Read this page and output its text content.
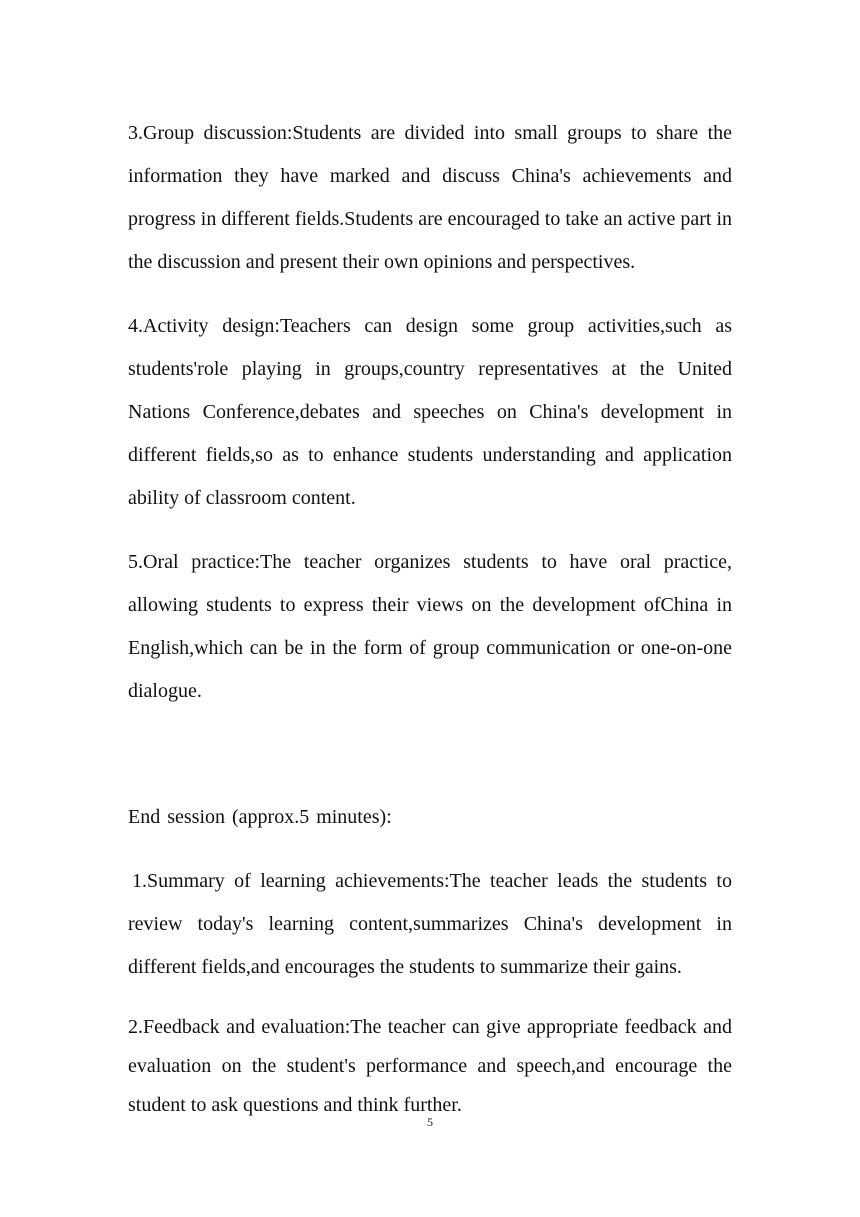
3.Group discussion:Students are divided into small groups to share the information they have marked and discuss China's achievements and progress in different fields.Students are encouraged to take an active part in the discussion and present their own opinions and perspectives.

4.Activity design:Teachers can design some group activities,such as students'role playing in groups,country representatives at the United Nations Conference,debates and speeches on China's development in different fields,so as to enhance students understanding and application ability of classroom content.

5.Oral practice:The teacher organizes students to have oral practice, allowing students to express their views on the development ofChina in English,which can be in the form of group communication or one-on-one dialogue.

End session (approx.5 minutes):

1.Summary of learning achievements:The teacher leads the students to review today's learning content,summarizes China's development in different fields,and encourages the students to summarize their gains.

2.Feedback and evaluation:The teacher can give appropriate feedback and evaluation on the student's performance and speech,and encourage the student to ask questions and think further.

5
